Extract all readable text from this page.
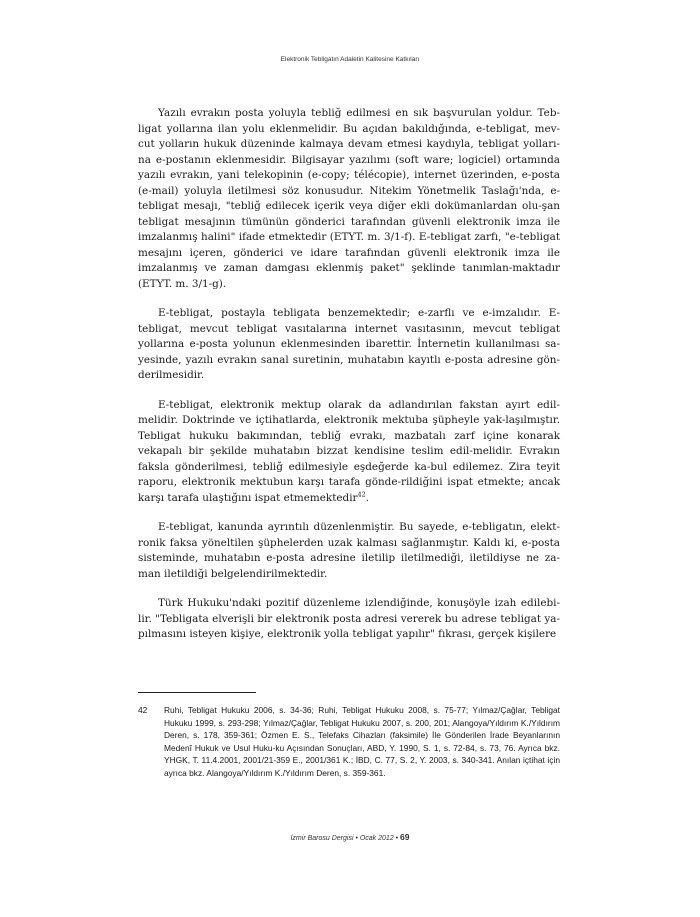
Elektronik Tebligatın Adaletin Kalitesine Katkıları

Yazılı evrakın posta yoluyla tebliğ edilmesi en sık başvurulan yoldur. Teb-ligat yollarına ilan yolu eklenmelidir. Bu açıdan bakıldığında, e-tebligat, mev-cut yolların hukuk düzeninde kalmaya devam etmesi kaydıyla, tebligat yolları-na e-postanın eklenmesidir. Bilgisayar yazılımı (soft ware; logiciel) ortamında yazılı evrakın, yani telekopinin (e-copy; télécopie), internet üzerinden, e-posta (e-mail) yoluyla iletilmesi söz konusudur. Nitekim Yönetmelik Taslağı'nda, e-tebligat mesajı, "tebliğ edilecek içerik veya diğer ekli dokümanlardan olu-şan tebligat mesajının tümünün gönderici tarafından güvenli elektronik imza ile imzalanmış halini" ifade etmektedir (ETYT. m. 3/1-f). E-tebligat zarfı, "e-tebligat mesajını içeren, gönderici ve idare tarafından güvenli elektronik imza ile imzalanmış ve zaman damgası eklenmiş paket" şeklinde tanımlan-maktadır (ETYT. m. 3/1-g).

E-tebligat, postayla tebligata benzemektedir; e-zarflı ve e-imzalıdır. E-tebligat, mevcut tebligat vasıtalarına internet vasıtasının, mevcut tebligat yollarına e-posta yolunun eklenmesinden ibarettir. İnternetin kullanılması sa-yesinde, yazılı evrakın sanal suretinin, muhatabın kayıtlı e-posta adresine gön-derilmesidir.

E-tebligat, elektronik mektup olarak da adlandırılan fakstan ayırt edil-melidir. Doktrinde ve içtihatlarda, elektronik mektuba şüpheyle yak-laşılmıştır. Tebligat hukuku bakımından, tebliğ evrakı, mazbatalı zarf içine konarak vekapalı bir şekilde muhatabın bizzat kendisine teslim edil-melidir. Evrakın faksla gönderilmesi, tebliğ edilmesiyle eşdeğerde ka-bul edilemez. Zira teyit raporu, elektronik mektubun karşı tarafa gönde-rildiğini ispat etmekte; ancak karşı tarafa ulaştığını ispat etmemektedir$^{42}$.

E-tebligat, kanunda ayrıntılı düzenlenmiştir. Bu sayede, e-tebligatın, elekt-ronik faksa yöneltilen şüphelerden uzak kalması sağlanmıştır. Kaldı ki, e-posta sisteminde, muhatabın e-posta adresine iletilip iletilmediği, iletildiyse ne za-man iletildiği belgelendirilmektedir.

Türk Hukuku'ndaki pozitif düzenleme izlendiğinde, konuşöyle izah edilebi-lir. "Tebligata elverişli bir elektronik posta adresi vererek bu adrese tebligat ya-pılmasını isteyen kişiye, elektronik yolla tebligat yapılır" fıkrası, gerçek kişilere

42 Ruhi, Tebligat Hukuku 2006, s. 34-36; Ruhi, Tebligat Hukuku 2008, s. 75-77; Yılmaz/Çağlar, Tebligat Hukuku 1999, s. 293-298; Yılmaz/Çağlar, Tebligat Hukuku 2007, s. 200, 201; Alangoya/Yıldırım K./Yıldırım Deren, s. 178, 359-361; Özmen E. S., Telefaks Cihazları (faksimile) İle Gönderilen İrade Beyanlarının Medenî Hukuk ve Usul Huku-ku Açısından Sonuçları, ABD, Y. 1990, S. 1, s. 72-84, s. 73, 76. Ayrıca bkz. YHGK, T. 11.4.2001, 2001/21-359 E., 2001/361 K.; İBD, C. 77, S. 2, Y. 2003, s. 340-341. Anılan içtihat için ayrıca bkz. Alangoya/Yıldırım K./Yıldırım Deren, s. 359-361.

İzmir Barosu Dergisi • Ocak 2012 • 69
